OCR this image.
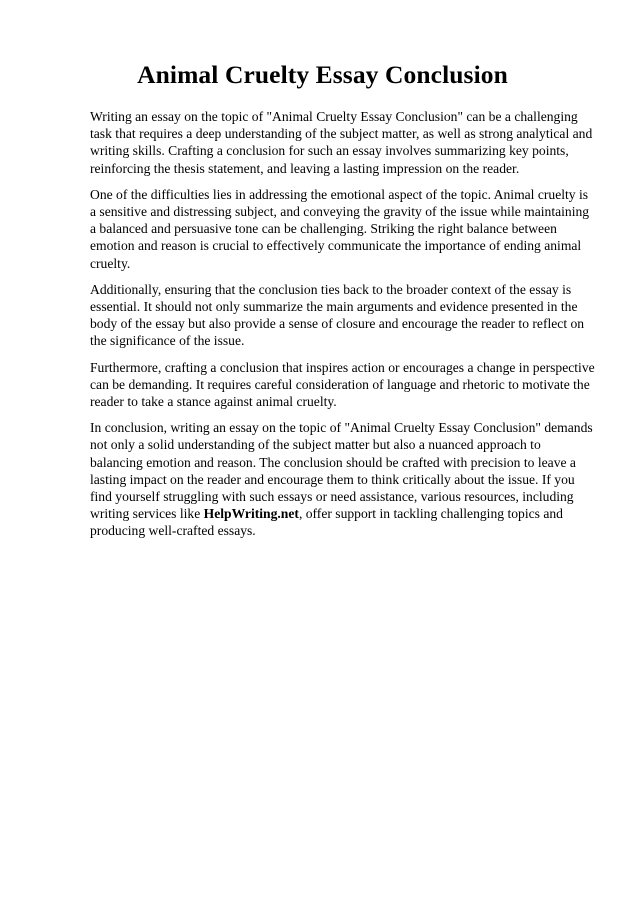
Animal Cruelty Essay Conclusion

Writing an essay on the topic of "Animal Cruelty Essay Conclusion" can be a challenging task that requires a deep understanding of the subject matter, as well as strong analytical and writing skills. Crafting a conclusion for such an essay involves summarizing key points, reinforcing the thesis statement, and leaving a lasting impression on the reader.

One of the difficulties lies in addressing the emotional aspect of the topic. Animal cruelty is a sensitive and distressing subject, and conveying the gravity of the issue while maintaining a balanced and persuasive tone can be challenging. Striking the right balance between emotion and reason is crucial to effectively communicate the importance of ending animal cruelty.

Additionally, ensuring that the conclusion ties back to the broader context of the essay is essential. It should not only summarize the main arguments and evidence presented in the body of the essay but also provide a sense of closure and encourage the reader to reflect on the significance of the issue.

Furthermore, crafting a conclusion that inspires action or encourages a change in perspective can be demanding. It requires careful consideration of language and rhetoric to motivate the reader to take a stance against animal cruelty.

In conclusion, writing an essay on the topic of "Animal Cruelty Essay Conclusion" demands not only a solid understanding of the subject matter but also a nuanced approach to balancing emotion and reason. The conclusion should be crafted with precision to leave a lasting impact on the reader and encourage them to think critically about the issue. If you find yourself struggling with such essays or need assistance, various resources, including writing services like HelpWriting.net, offer support in tackling challenging topics and producing well-crafted essays.
